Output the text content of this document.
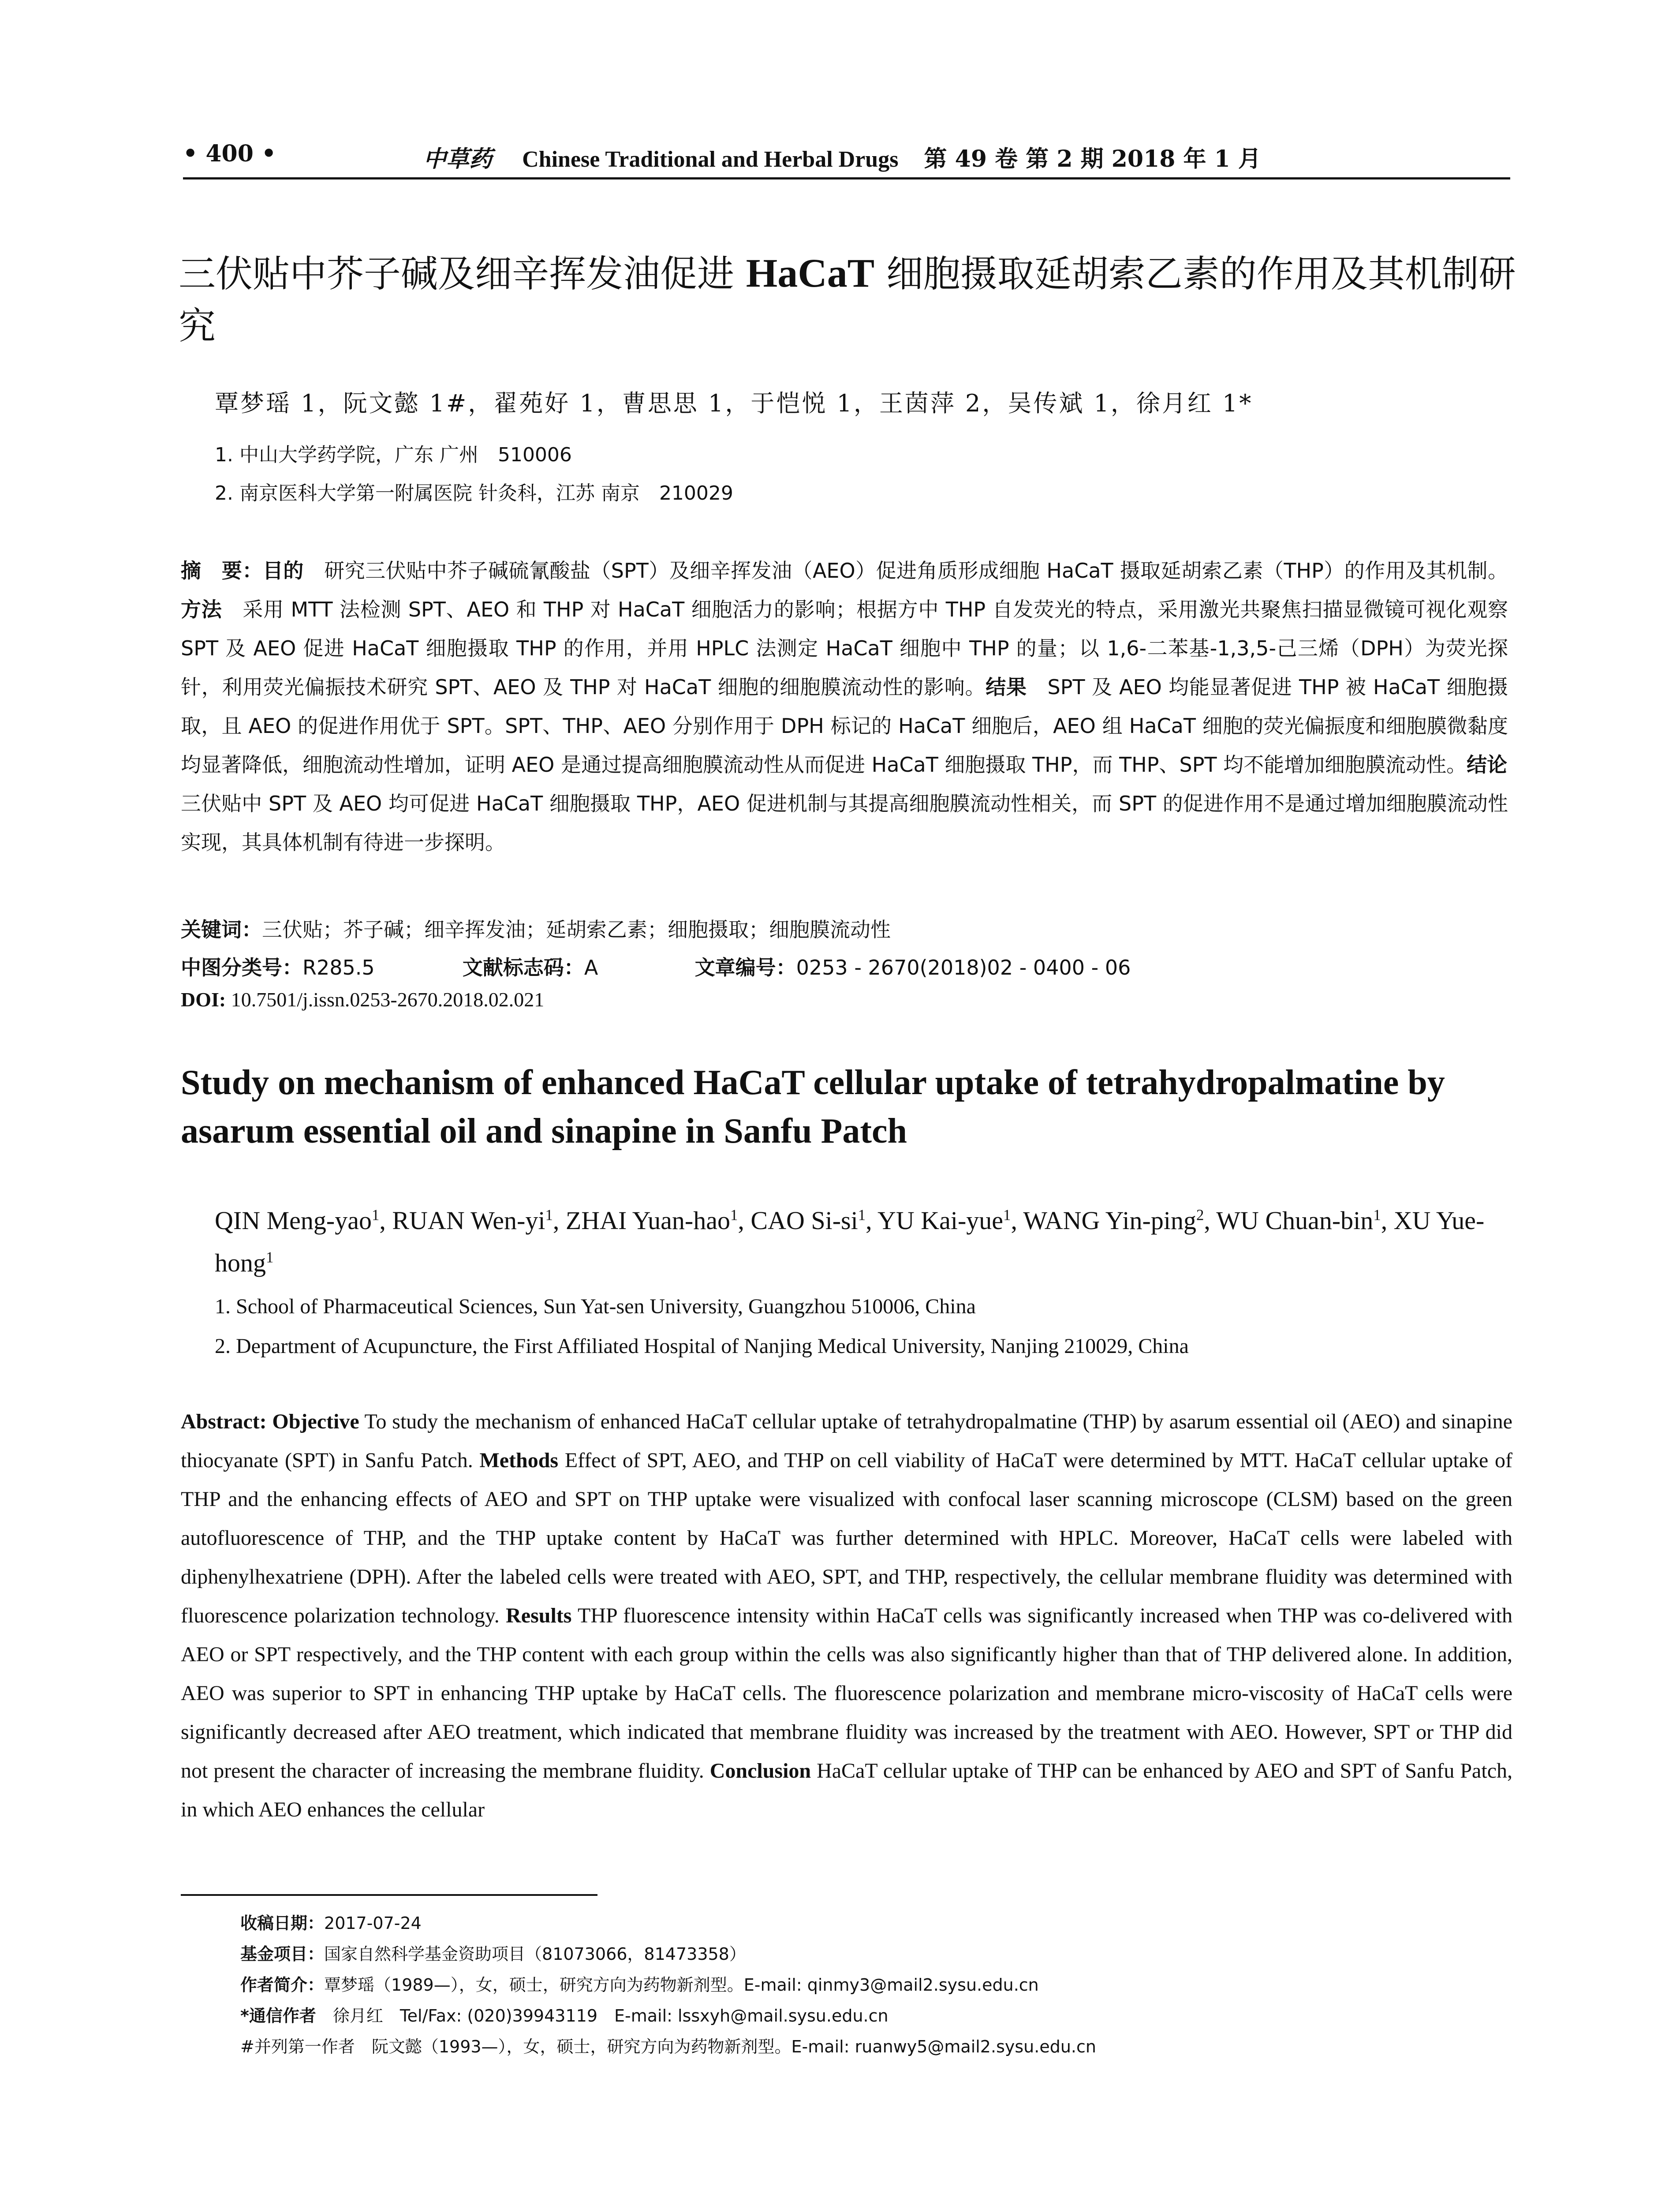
• 400 •	中草药 Chinese Traditional and Herbal Drugs 第 49 卷 第 2 期 2018 年 1 月
三伏贴中芥子碱及细辛挥发油促进 HaCaT 细胞摄取延胡索乙素的作用及其机制研究
覃梦瑶 1，阮文懿 1#，翟苑好 1，曹思思 1，于恺悦 1，王茵萍 2，吴传斌 1，徐月红 1*
1. 中山大学药学院，广东 广州　510006
2. 南京医科大学第一附属医院 针灸科，江苏 南京　210029
摘　要：目的　研究三伏贴中芥子碱硫氰酸盐（SPT）及细辛挥发油（AEO）促进角质形成细胞 HaCaT 摄取延胡索乙素（THP）的作用及其机制。方法　采用 MTT 法检测 SPT、AEO 和 THP 对 HaCaT 细胞活力的影响；根据方中 THP 自发荧光的特点，采用激光共聚焦扫描显微镜可视化观察 SPT 及 AEO 促进 HaCaT 细胞摄取 THP 的作用，并用 HPLC 法测定 HaCaT 细胞中 THP 的量；以 1,6-二苯基-1,3,5-己三烯（DPH）为荧光探针，利用荧光偏振技术研究 SPT、AEO 及 THP 对 HaCaT 细胞的细胞膜流动性的影响。结果　SPT 及 AEO 均能显著促进 THP 被 HaCaT 细胞摄取，且 AEO 的促进作用优于 SPT。SPT、THP、AEO 分别作用于 DPH 标记的 HaCaT 细胞后，AEO 组 HaCaT 细胞的荧光偏振度和细胞膜微黏度均显著降低，细胞流动性增加，证明 AEO 是通过提高细胞膜流动性从而促进 HaCaT 细胞摄取 THP，而 THP、SPT 均不能增加细胞膜流动性。结论　三伏贴中 SPT 及 AEO 均可促进 HaCaT 细胞摄取 THP，AEO 促进机制与其提高细胞膜流动性相关，而 SPT 的促进作用不是通过增加细胞膜流动性实现，其具体机制有待进一步探明。
关键词：三伏贴；芥子碱；细辛挥发油；延胡索乙素；细胞摄取；细胞膜流动性
中图分类号：R285.5	文献标志码：A	文章编号：0253 - 2670(2018)02 - 0400 - 06
DOI: 10.7501/j.issn.0253-2670.2018.02.021
Study on mechanism of enhanced HaCaT cellular uptake of tetrahydropalmatine by asarum essential oil and sinapine in Sanfu Patch
QIN Meng-yao$^1$, RUAN Wen-$yi^1$, ZHAI Yuan-hao$^1$, CAO $Si-si^1$, YU Kai-yue$^1$, WANG Yin-ping$^2$, WU Chuan-bin$^1$, XU Yue-hong$^1$
1. School of Pharmaceutical Sciences, Sun Yat-sen University, Guangzhou 510006, China
2. Department of Acupuncture, the First Affiliated Hospital of Nanjing Medical University, Nanjing 210029, China
Abstract: Objective To study the mechanism of enhanced HaCaT cellular uptake of tetrahydropalmatine (THP) by asarum essential oil (AEO) and sinapine thiocyanate (SPT) in Sanfu Patch. Methods Effect of SPT, AEO, and THP on cell viability of HaCaT were determined by MTT. HaCaT cellular uptake of THP and the enhancing effects of AEO and SPT on THP uptake were visualized with confocal laser scanning microscope (CLSM) based on the green autofluorescence of THP, and the THP uptake content by HaCaT was further determined with HPLC. Moreover, HaCaT cells were labeled with diphenylhexatriene (DPH). After the labeled cells were treated with AEO, SPT, and THP, respectively, the cellular membrane fluidity was determined with fluorescence polarization technology. Results THP fluorescence intensity within HaCaT cells was significantly increased when THP was co-delivered with AEO or SPT respectively, and the THP content with each group within the cells was also significantly higher than that of THP delivered alone. In addition, AEO was superior to SPT in enhancing THP uptake by HaCaT cells. The fluorescence polarization and membrane micro-viscosity of HaCaT cells were significantly decreased after AEO treatment, which indicated that membrane fluidity was increased by the treatment with AEO. However, SPT or THP did not present the character of increasing the membrane fluidity. Conclusion HaCaT cellular uptake of THP can be enhanced by AEO and SPT of Sanfu Patch, in which AEO enhances the cellular
收稿日期：2017-07-24
基金项目：国家自然科学基金资助项目（81073066，81473358）
作者简介：覃梦瑶（1989—），女，硕士，研究方向为药物新剂型。E-mail: qinmy3@mail2.sysu.edu.cn
*通信作者　徐月红　Tel/Fax: (020)39943119　E-mail: lssxyh@mail.sysu.edu.cn
#并列第一作者　阮文懿（1993—），女，硕士，研究方向为药物新剂型。E-mail: ruanwy5@mail2.sysu.edu.cn
